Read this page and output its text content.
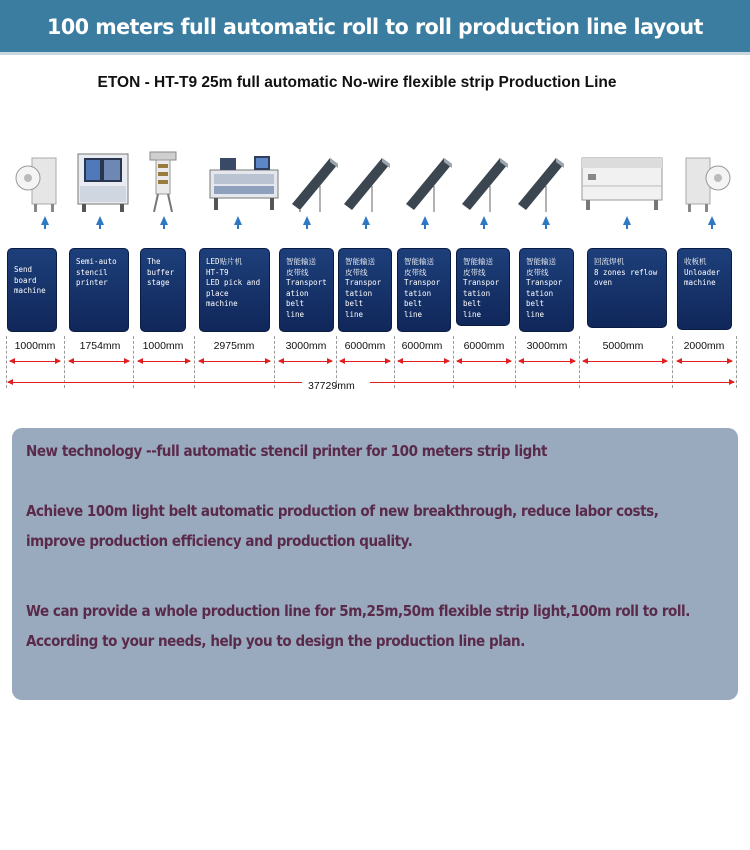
100 meters full automatic roll to roll production line layout
ETON - HT-T9 25m full automatic No-wire flexible strip Production Line
Send
board
machine
Semi-auto
stencil
printer
The
buffer
stage
LED贴片机
HT-T9
LED pick and
place
machine
智能输送
皮带线
Transport
ation
belt
line
智能输送
皮带线
Transpor
tation
belt
line
智能输送
皮带线
Transpor
tation
belt
line
智能输送
皮带线
Transpor
tation
belt
line
智能输送
皮带线
Transpor
tation
belt
line
回流焊机
8 zones reflow
oven
收板机
Unloader
machine
1000mm	1754mm	1000mm	2975mm	3000mm	6000mm	6000mm	6000mm	3000mm	5000mm	2000mm
37729mm
New technology --full automatic stencil printer for 100 meters strip light
Achieve 100m light belt automatic production of new breakthrough, reduce labor costs,
improve production efficiency and production quality.
We can provide a whole production line for 5m,25m,50m flexible strip light,100m roll to roll.
According to your needs, help you to design the production line plan.
